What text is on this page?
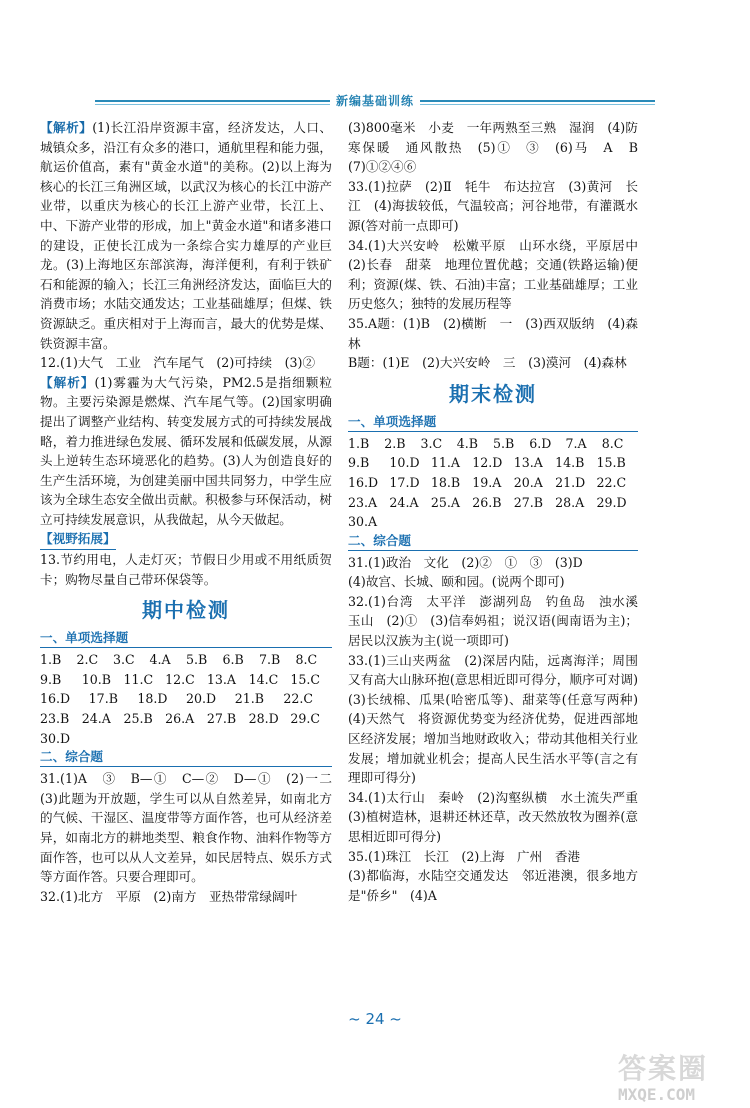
新编基础训练

【解析】(1)长江沿岸资源丰富，经济发达，人口、城镇众多，沿江有众多的港口，通航里程和能力强，航运价值高，素有"黄金水道"的美称。(2)以上海为核心的长江三角洲区域，以武汉为核心的长江中游产业带，以重庆为核心的长江上游产业带，长江上、中、下游产业带的形成，加上"黄金水道"和诸多港口的建设，正使长江成为一条综合实力雄厚的产业巨龙。(3)上海地区东部滨海，海洋便利，有利于铁矿石和能源的输入；长江三角洲经济发达，面临巨大的消费市场；水陆交通发达；工业基础雄厚；但煤、铁资源缺乏。重庆相对于上海而言，最大的优势是煤、铁资源丰富。

12.(1)大气　工业　汽车尾气　(2)可持续　(3)②

【解析】(1)雾霾为大气污染，PM2.5是指细颗粒物。主要污染源是燃煤、汽车尾气等。(2)国家明确提出了调整产业结构、转变发展方式的可持续发展战略，着力推进绿色发展、循环发展和低碳发展，从源头上逆转生态环境恶化的趋势。(3)人为创造良好的生产生活环境，为创建美丽中国共同努力，中学生应该为全球生态安全做出贡献。积极参与环保活动，树立可持续发展意识，从我做起，从今天做起。

【视野拓展】

13.节约用电，人走灯灭；节假日少用或不用纸质贺卡；购物尽量自己带环保袋等。

期中检测
一、单项选择题
1.B	2.C	3.C	4.A	5.B	6.B	7.B	8.C
9.B	10.B 11.C 12.C 13.A 14.C 15.C
16.D	17.B	18.D	20.D	21.B	22.C
23.B 24.A 25.B 26.A 27.B 28.D 29.C
30.D
二、综合题

31.(1)A　③　B—①　C—②　D—①　(2)一二　(3)此题为开放题，学生可以从自然差异，如南北方的气候、干湿区、温度带等方面作答，也可从经济差异，如南北方的耕地类型、粮食作物、油料作物等方面作答，也可以从人文差异，如民居特点、娱乐方式等方面作答。只要合理即可。

32.(1)北方　平原　(2)南方　亚热带常绿阔叶

(3)800毫米　小麦　一年两熟至三熟　湿润　(4)防寒保暖　通风散热　(5)①　③　(6)马　A　B　(7)①②④⑥

33.(1)拉萨　(2)Ⅱ　牦牛　布达拉宫　(3)黄河　长江　(4)海拔较低，气温较高；河谷地带，有灌溉水源(答对前一点即可)

34.(1)大兴安岭　松嫩平原　山环水绕，平原居中　(2)长春　甜菜　地理位置优越；交通(铁路运输)便利；资源(煤、铁、石油)丰富；工业基础雄厚；工业历史悠久；独特的发展历程等

35.A题：(1)B　(2)横断　一　(3)西双版纳　(4)森林

B题：(1)E　(2)大兴安岭　三　(3)漠河　(4)森林

期末检测
一、单项选择题
1.B	2.B	3.C	4.B	5.B	6.D	7.A	8.C
9.B	10.D 11.A 12.D 13.A 14.B 15.B
16.D 17.D 18.B 19.A 20.A 21.D 22.C
23.A 24.A 25.A 26.B 27.B 28.A 29.D
30.A
二、综合题

31.(1)政治　文化　(2)②　①　③　(3)D

(4)故宫、长城、颐和园。(说两个即可)

32.(1)台湾　太平洋　澎湖列岛　钓鱼岛　浊水溪　玉山　(2)①　(3)信奉妈祖；说汉语(闽南语为主)；居民以汉族为主(说一项即可)

33.(1)三山夹两盆　(2)深居内陆，远离海洋；周围又有高大山脉环抱(意思相近即可得分，顺序可对调)　(3)长绒棉、瓜果(哈密瓜等)、甜菜等(任意写两种)　(4)天然气　将资源优势变为经济优势，促进西部地区经济发展；增加当地财政收入；带动其他相关行业发展；增加就业机会；提高人民生活水平等(言之有理即可得分)

34.(1)太行山　秦岭　(2)沟壑纵横　水土流失严重　(3)植树造林，退耕还林还草，改天然放牧为圈养(意思相近即可得分)

35.(1)珠江　长江　(2)上海　广州　香港

(3)都临海，水陆空交通发达　邻近港澳，很多地方是"侨乡"　(4)A

~ 24 ~
答案圈
MXQE.COM
